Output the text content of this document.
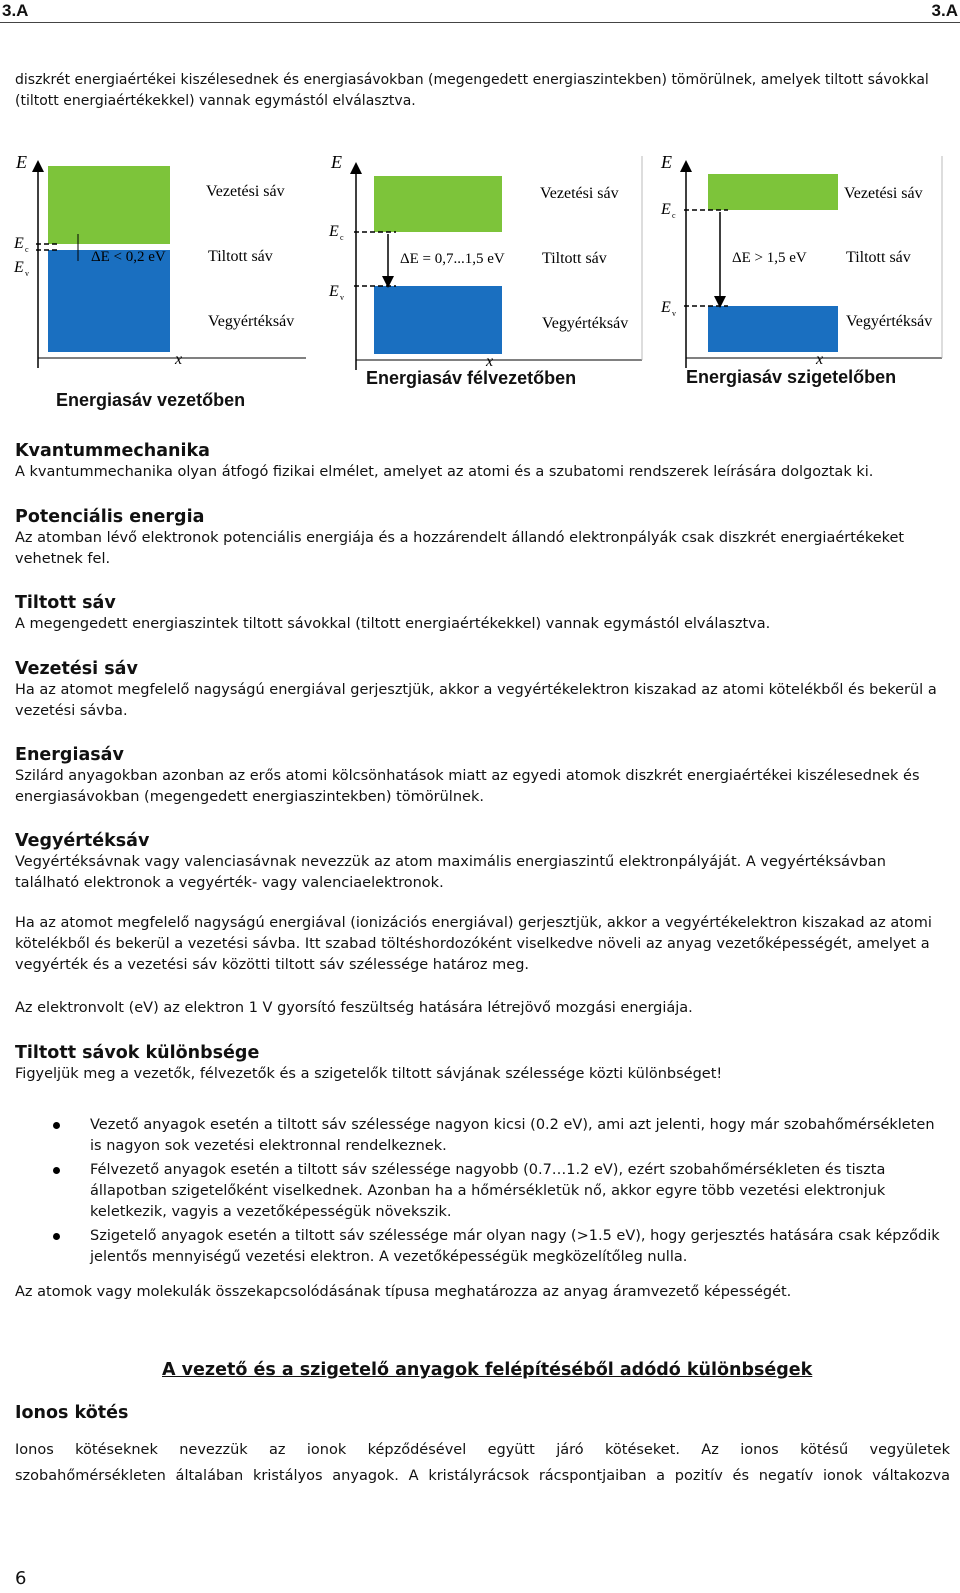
3.A	3.A
diszkrét energiaértékei kiszélesednek és energiasávokban (megengedett energiaszintekben) tömörülnek, amelyek tiltott sávokkal (tiltott energiaértékekkel) vannak egymástól elválasztva.
E
E c
E v
ΔE < 0,2 eV
Vezetési sáv
Tiltott sáv
Vegyértéksáv
x
Energiasáv vezetőben
E
E c
E v
ΔE = 0,7...1,5 eV
Vezetési sáv
Tiltott sáv
Vegyértéksáv
x
Energiasáv félvezetőben
E
E c
E v
ΔE > 1,5 eV
Vezetési sáv
Tiltott sáv
Vegyértéksáv
x
Energiasáv szigetelőben
Kvantummechanika

A kvantummechanika olyan átfogó fizikai elmélet, amelyet az atomi és a szubatomi rendszerek leírására dolgoztak ki.

Potenciális energia

Az atomban lévő elektronok potenciális energiája és a hozzárendelt állandó elektronpályák csak diszkrét energiaértékeket vehetnek fel.

Tiltott sáv

A megengedett energiaszintek tiltott sávokkal (tiltott energiaértékekkel) vannak egymástól elválasztva.

Vezetési sáv

Ha az atomot megfelelő nagyságú energiával gerjesztjük, akkor a vegyértékelektron kiszakad az atomi kötelékből és bekerül a vezetési sávba.

Energiasáv

Szilárd anyagokban azonban az erős atomi kölcsönhatások miatt az egyedi atomok diszkrét energiaértékei kiszélesednek és energiasávokban (megengedett energiaszintekben) tömörülnek.

Vegyértéksáv

Vegyértéksávnak vagy valenciasávnak nevezzük az atom maximális energiaszintű elektronpályáját. A vegyértéksávban található elektronok a vegyérték- vagy valenciaelektronok.

Ha az atomot megfelelő nagyságú energiával (ionizációs energiával) gerjesztjük, akkor a vegyértékelektron kiszakad az atomi kötelékből és bekerül a vezetési sávba. Itt szabad töltéshordozóként viselkedve növeli az anyag vezetőképességét, amelyet a vegyérték és a vezetési sáv közötti tiltott sáv szélessége határoz meg.

Az elektronvolt (eV) az elektron 1 V gyorsító feszültség hatására létrejövő mozgási energiája.

Tiltott sávok különbsége

Figyeljük meg a vezetők, félvezetők és a szigetelők tiltott sávjának szélessége közti különbséget!

Vezető anyagok esetén a tiltott sáv szélessége nagyon kicsi (0.2 eV), ami azt jelenti, hogy már szobahőmérsékleten is nagyon sok vezetési elektronnal rendelkeznek.
Félvezető anyagok esetén a tiltott sáv szélessége nagyobb (0.7…1.2 eV), ezért szobahőmérsékleten és tiszta állapotban szigetelőként viselkednek. Azonban ha a hőmérsékletük nő, akkor egyre több vezetési elektronjuk keletkezik, vagyis a vezetőképességük növekszik.
Szigetelő anyagok esetén a tiltott sáv szélessége már olyan nagy (>1.5 eV), hogy gerjesztés hatására csak képződik jelentős mennyiségű vezetési elektron. A vezetőképességük megközelítőleg nulla.

Az atomok vagy molekulák összekapcsolódásának típusa meghatározza az anyag áramvezető képességét.

A vezető és a szigetelő anyagok felépítéséből adódó különbségek
Ionos kötés

Ionos kötéseknek nevezzük az ionok képződésével együtt járó kötéseket. Az ionos kötésű vegyületek

szobahőmérsékleten általában kristályos anyagok. A kristályrácsok rácspontjaiban a pozitív és negatív ionok váltakozva

6
